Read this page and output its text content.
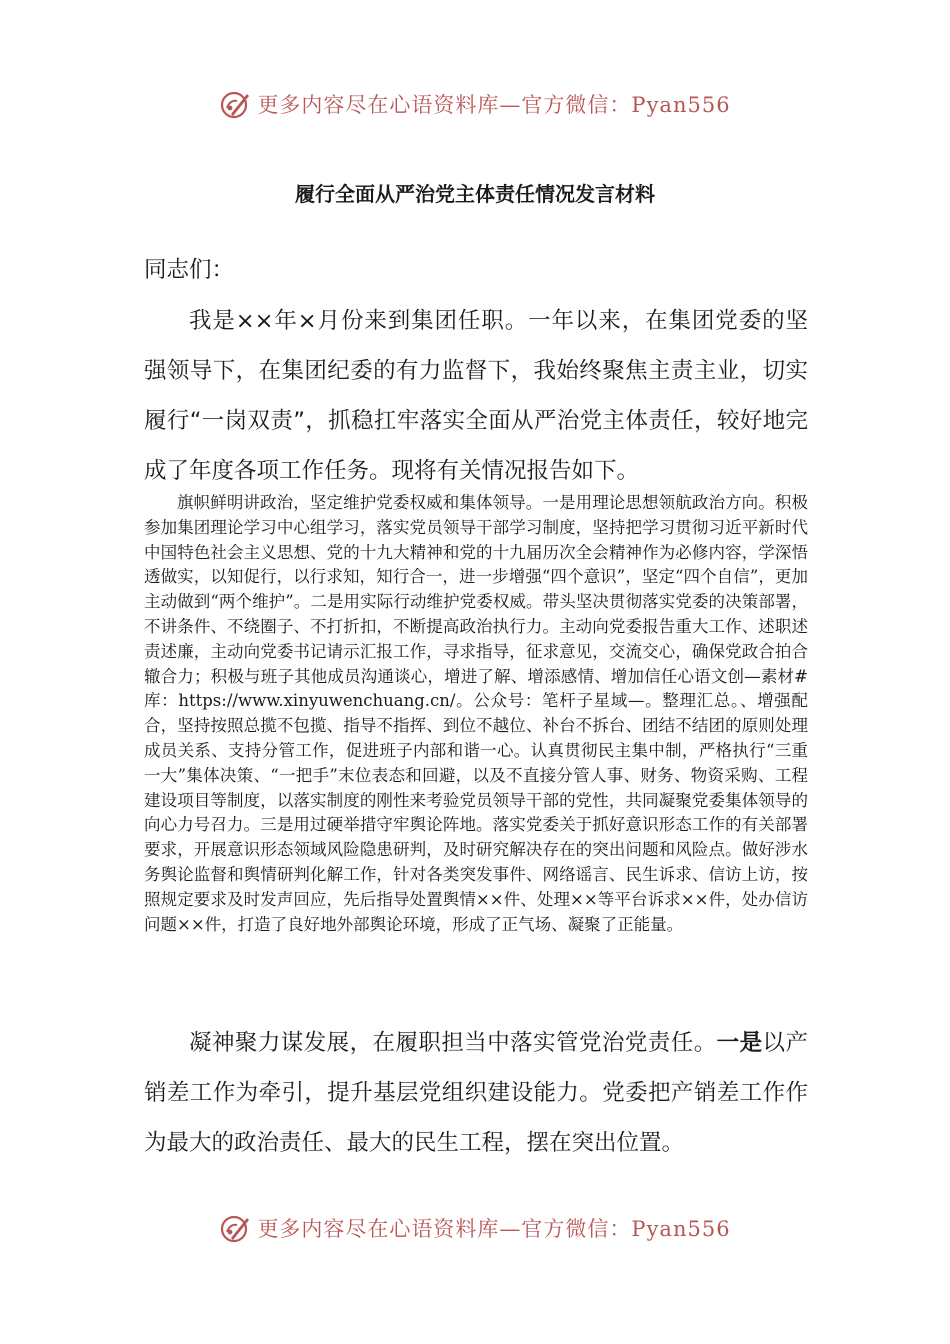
更多内容尽在心语资料库—官方微信：Pyan556
履行全面从严治党主体责任情况发言材料

同志们：

我是××年×月份来到集团任职。一年以来，在集团党委的坚强领导下，在集团纪委的有力监督下，我始终聚焦主责主业，切实履行“一岗双责”，抓稳扛牢落实全面从严治党主体责任，较好地完成了年度各项工作任务。现将有关情况报告如下。

旗帜鲜明讲政治，坚定维护党委权威和集体领导。一是用理论思想领航政治方向。积极参加集团理论学习中心组学习，落实党员领导干部学习制度，坚持把学习贯彻习近平新时代中国特色社会主义思想、党的十九大精神和党的十九届历次全会精神作为必修内容，学深悟透做实，以知促行，以行求知，知行合一，进一步增强“四个意识”，坚定“四个自信”，更加主动做到“两个维护”。二是用实际行动维护党委权威。带头坚决贯彻落实党委的决策部署，不讲条件、不绕圈子、不打折扣，不断提高政治执行力。主动向党委报告重大工作、述职述责述廉，主动向党委书记请示汇报工作，寻求指导，征求意见，交流交心，确保党政合拍合辙合力；积极与班子其他成员沟通谈心，增进了解、增添感情、增加信任心语文创—素材#库：https://www.xinyuwenchuang.cn/。公众号：笔杆子星域—。整理汇总。、增强配合，坚持按照总揽不包揽、指导不指挥、到位不越位、补台不拆台、团结不结团的原则处理成员关系、支持分管工作，促进班子内部和谐一心。认真贯彻民主集中制，严格执行“三重一大”集体决策、“一把手”末位表态和回避，以及不直接分管人事、财务、物资采购、工程建设项目等制度，以落实制度的刚性来考验党员领导干部的党性，共同凝聚党委集体领导的向心力号召力。三是用过硬举措守牢舆论阵地。落实党委关于抓好意识形态工作的有关部署要求，开展意识形态领域风险隐患研判，及时研究解决存在的突出问题和风险点。做好涉水务舆论监督和舆情研判化解工作，针对各类突发事件、网络谣言、民生诉求、信访上访，按照规定要求及时发声回应，先后指导处置舆情××件、处理××等平台诉求××件，处办信访问题××件，打造了良好地外部舆论环境，形成了正气场、凝聚了正能量。

凝神聚力谋发展，在履职担当中落实管党治党责任。一是以产销差工作为牵引，提升基层党组织建设能力。党委把产销差工作作为最大的政治责任、最大的民生工程，摆在突出位置。

更多内容尽在心语资料库—官方微信：Pyan556
